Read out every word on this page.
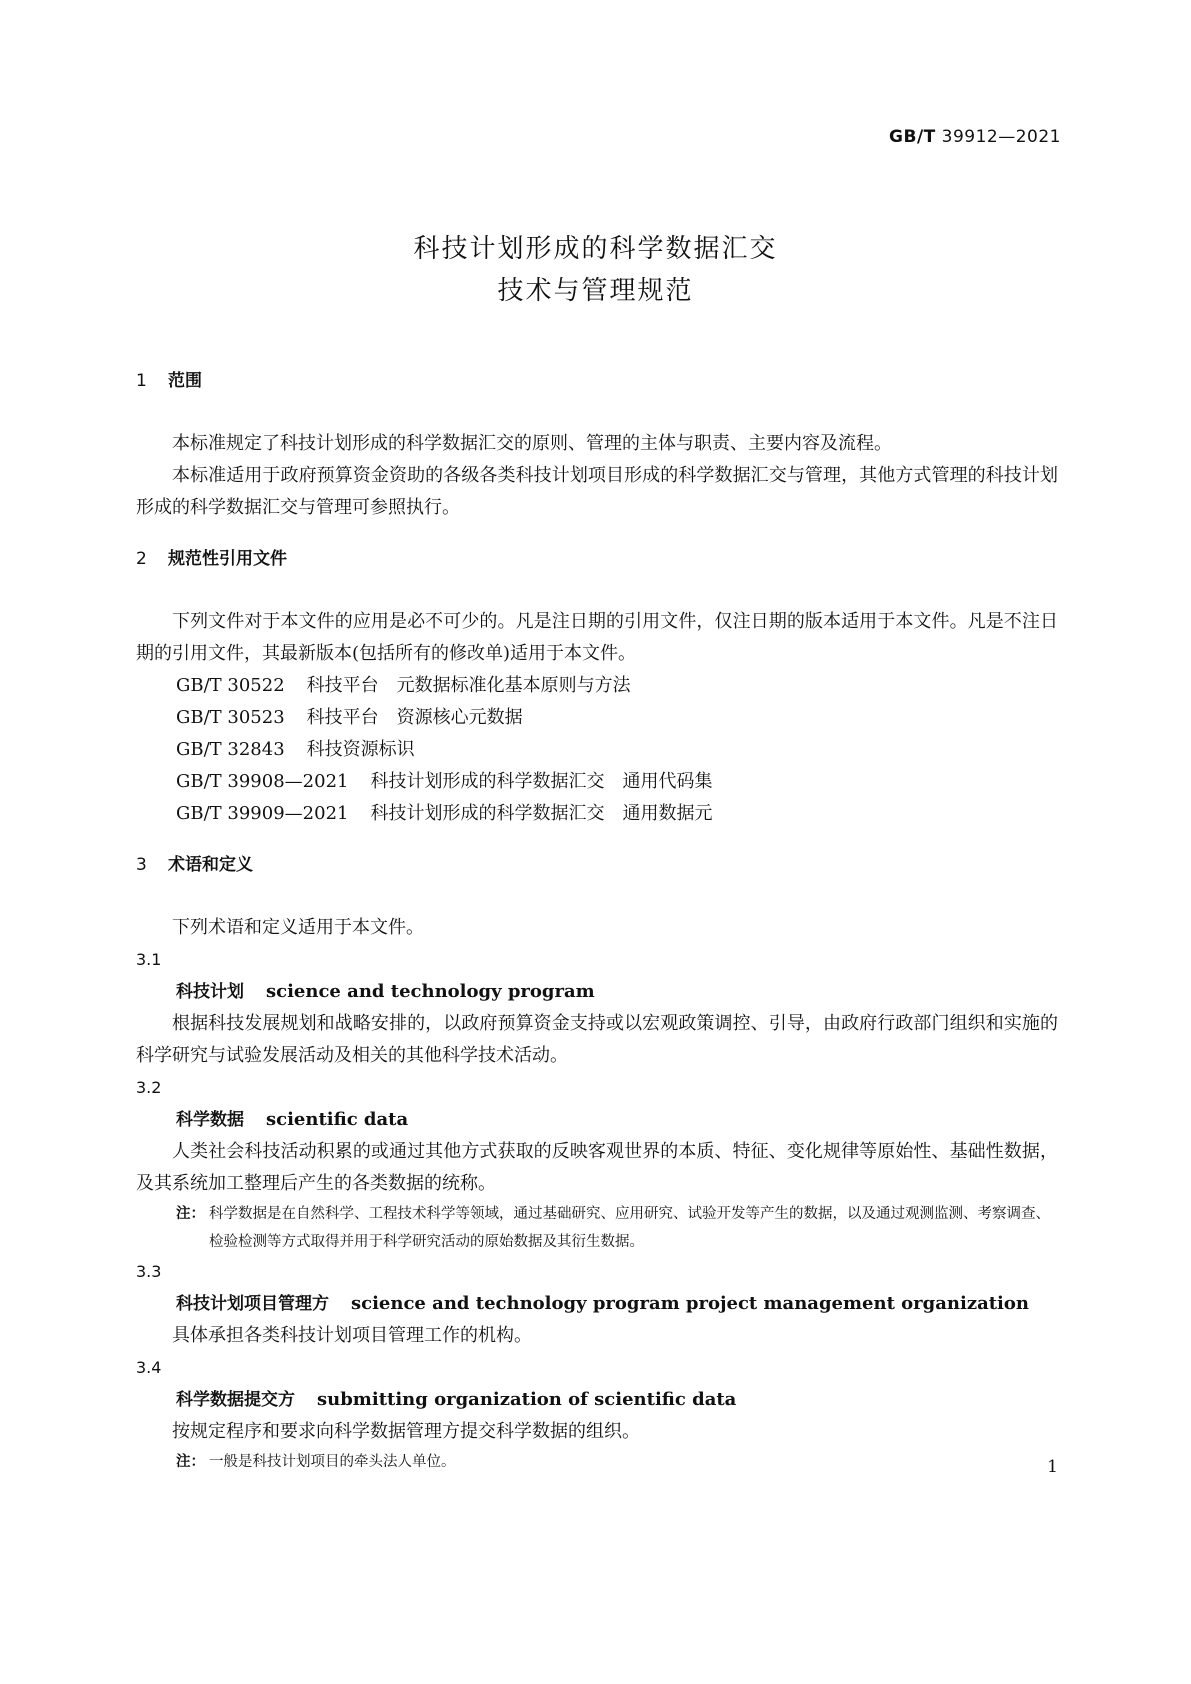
GB/T 39912—2021
科技计划形成的科学数据汇交
技术与管理规范
1 范围

本标准规定了科技计划形成的科学数据汇交的原则、管理的主体与职责、主要内容及流程。

本标准适用于政府预算资金资助的各级各类科技计划项目形成的科学数据汇交与管理，其他方式管理的科技计划形成的科学数据汇交与管理可参照执行。

2 规范性引用文件

下列文件对于本文件的应用是必不可少的。凡是注日期的引用文件，仅注日期的版本适用于本文件。凡是不注日期的引用文件，其最新版本(包括所有的修改单)适用于本文件。

GB/T 30522 科技平台　元数据标准化基本原则与方法
GB/T 30523 科技平台　资源核心元数据
GB/T 32843 科技资源标识
GB/T 39908—2021 科技计划形成的科学数据汇交　通用代码集
GB/T 39909—2021 科技计划形成的科学数据汇交　通用数据元
3 术语和定义

下列术语和定义适用于本文件。

3.1
科技计划 science and technology program

根据科技发展规划和战略安排的，以政府预算资金支持或以宏观政策调控、引导，由政府行政部门组织和实施的科学研究与试验发展活动及相关的其他科学技术活动。

3.2
科学数据 scientific data

人类社会科技活动积累的或通过其他方式获取的反映客观世界的本质、特征、变化规律等原始性、基础性数据，及其系统加工整理后产生的各类数据的统称。

注： 科学数据是在自然科学、工程技术科学等领域，通过基础研究、应用研究、试验开发等产生的数据，以及通过观测监测、考察调查、检验检测等方式取得并用于科学研究活动的原始数据及其衍生数据。
3.3
科技计划项目管理方 science and technology program project management organization

具体承担各类科技计划项目管理工作的机构。

3.4
科学数据提交方 submitting organization of scientific data

按规定程序和要求向科学数据管理方提交科学数据的组织。

注： 一般是科技计划项目的牵头法人单位。	1
